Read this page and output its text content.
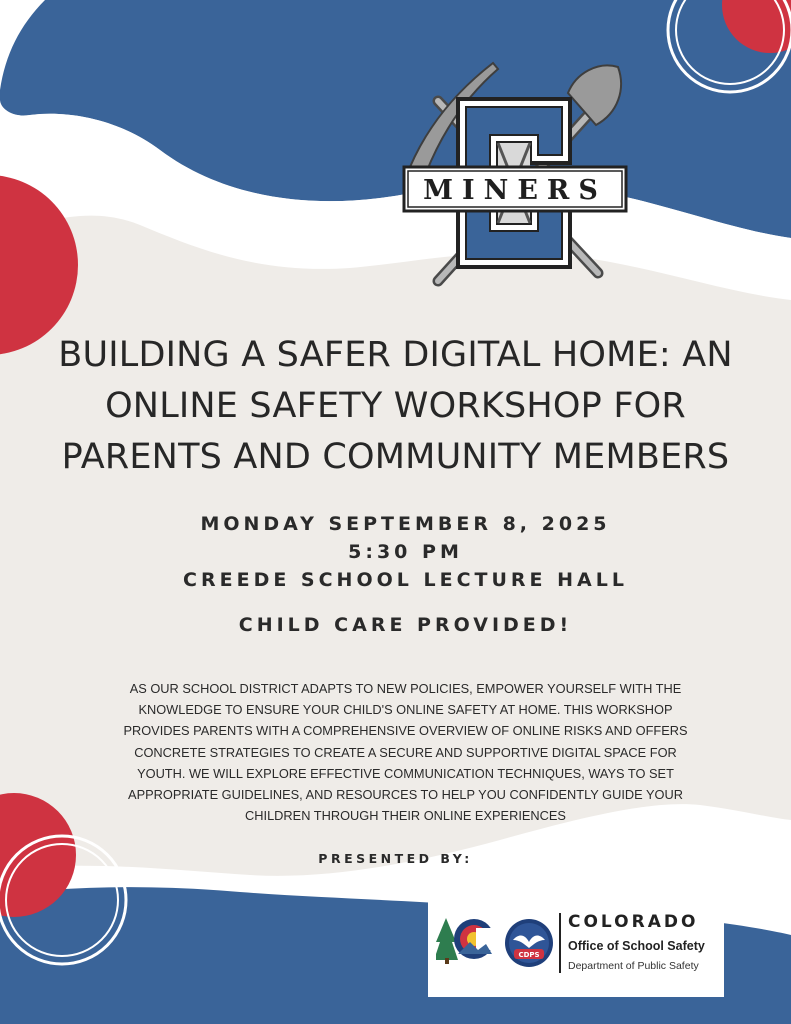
MINERS
BUILDING A SAFER DIGITAL HOME: AN
ONLINE SAFETY WORKSHOP FOR
PARENTS AND COMMUNITY MEMBERS
MONDAY SEPTEMBER 8, 2025
5:30 PM
CREEDE SCHOOL LECTURE HALL
CHILD CARE PROVIDED!
AS OUR SCHOOL DISTRICT ADAPTS TO NEW POLICIES, EMPOWER YOURSELF WITH THE KNOWLEDGE TO ENSURE YOUR CHILD'S ONLINE SAFETY AT HOME. THIS WORKSHOP PROVIDES PARENTS WITH A COMPREHENSIVE OVERVIEW OF ONLINE RISKS AND OFFERS CONCRETE STRATEGIES TO CREATE A SECURE AND SUPPORTIVE DIGITAL SPACE FOR YOUTH. WE WILL EXPLORE EFFECTIVE COMMUNICATION TECHNIQUES, WAYS TO SET APPROPRIATE GUIDELINES, AND RESOURCES TO HELP YOU CONFIDENTLY GUIDE YOUR CHILDREN THROUGH THEIR ONLINE EXPERIENCES
PRESENTED BY:
CDPS
COLORADO
Office of School Safety
Department of Public Safety
